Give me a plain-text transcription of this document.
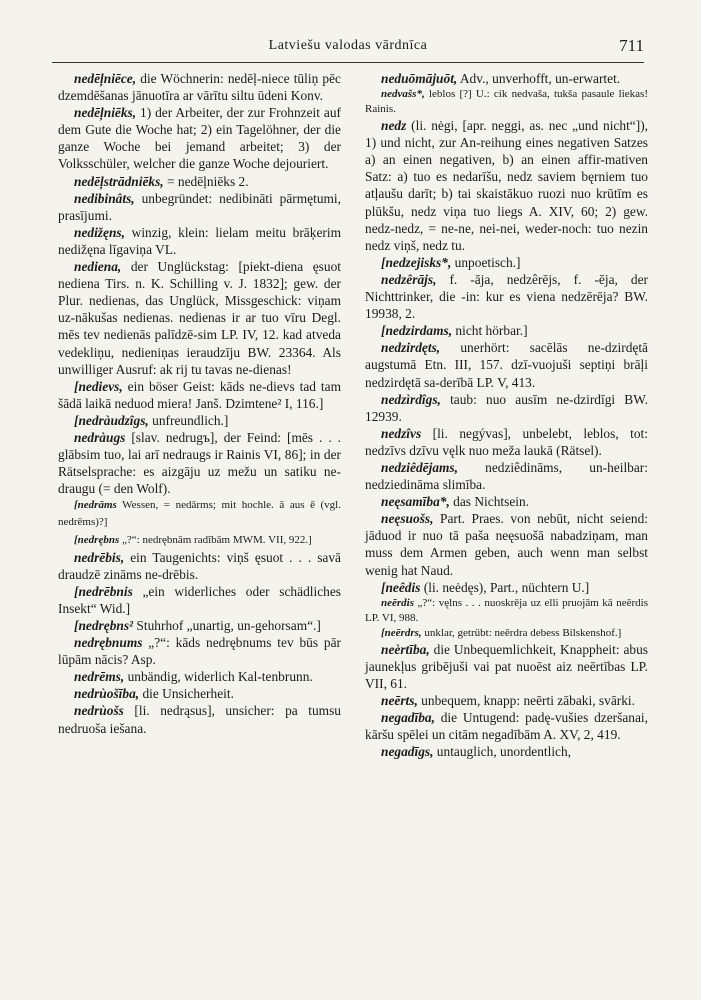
Latviešu valodas vārdnīca	711

nedēļniēce, die Wöchnerin: nedēļ-niece tūliņ pēc dzemdēšanas jānuotīra ar vārītu siltu ūdeni Konv.

nedēļniēks, 1) der Arbeiter, der zur Frohnzeit auf dem Gute die Woche hat; 2) ein Tagelöhner, der die ganze Woche bei jemand arbeitet; 3) der Volksschüler, welcher die ganze Woche dejouriert.

nedēļstrādniēks, = nedēļniēks 2.

nedibinâts, unbegründet: nedibināti pārmętumi, prasījumi.

nedižęns, winzig, klein: lielam meitu brāķerim nedižęna līgaviņa VL.

nediena, der Unglückstag: [piekt-diena ęsuot nediena Tirs. n. K. Schilling v. J. 1832]; gew. der Plur. nedienas, das Unglück, Missgeschick: viņam uz-nākušas nedienas. nedienas ir ar tuo vīru Degl. mēs tev nedienās palīdzē-sim LP. IV, 12. kad atveda vedekliņu, nedieniņas ieraudzīju BW. 23364. Als unwilliger Ausruf: ak rij tu tavas ne-dienas!

[nedievs, ein böser Geist: kāds ne-dievs tad tam šādā laikā neduod miera! Janš. Dzimtene² I, 116.]

[nedràudzîgs, unfreundlich.]

nedràugs [slav. nedrugъ], der Feind: [mēs . . . glābsim tuo, lai arī nedraugs ir Rainis VI, 86]; in der Rätselsprache: es aizgāju uz mežu un satiku ne-draugu (= den Wolf).

[nedrāms Wessen, = nedārms; mit hochle. ā aus ē (vgl. nedrēms)?]

[nedrębns „?“: nedrębnām radībām MWM. VII, 922.]

nedrēbis, ein Taugenichts: viņš ęsuot . . . savā draudzē zināms ne-drēbis.

[nedrēbnis „ein widerliches oder schädliches Insekt“ Wid.]

[nedrębns² Stuhrhof „unartig, un-gehorsam“.]

nedrębnums „?“: kāds nedrębnums tev būs pār lūpām nācis? Asp.

nedrēms, unbändig, widerlich Kal-tenbrunn.

nedrùošība, die Unsicherheit.

nedrùošs [li. nedrąsus], unsicher: pa tumsu nedruoša iešana.

neduōmājuōt, Adv., unverhofft, un-erwartet.

nedvašs*, leblos [?] U.: cik nedvaša, tukša pasaule liekas! Rainis.

nedz (li. nėgi, [apr. neggi, as. nec „und nicht“]), 1) und nicht, zur An-reihung eines negativen Satzes a) an einen negativen, b) an einen affir-mativen Satz: a) tuo es nedarīšu, nedz saviem bęrniem tuo atļaušu darīt; b) tai skaistākuo ruozi nuo krūtīm es plūkšu, nedz viņa tuo liegs A. XIV, 60; 2) gew. nedz-nedz, = ne-ne, nei-nei, weder-noch: tuo nezin nedz viņš, nedz tu.

[nedzejisks*, unpoetisch.]

nedzêrājs, f. -āja, nedzêrējs, f. -ēja, der Nichttrinker, die -in: kur es viena nedzērēja? BW. 19938, 2.

[nedzirdams, nicht hörbar.]

nedzirdęts, unerhört: sacēlās ne-dzirdętā augstumā Etn. III, 157. dzī-vuojuši septiņi brāļi nedzirdętā sa-derībā LP. V, 413.

nedzìrdîgs, taub: nuo ausīm ne-dzirdīgi BW. 12939.

nedzîvs [li. negývas], unbelebt, leblos, tot: nedzīvs dzīvu vęlk nuo meža laukā (Rätsel).

nedziêdējams, nedziêdināms, un-heilbar: nedziedināma slimība.

neęsamība*, das Nichtsein.

neęsuošs, Part. Praes. von nebūt, nicht seiend: jāduod ir nuo tā paša neęsuošā nabadziņam, man muss dem Armen geben, auch wenn man selbst wenig hat Naud.

[neêdis (li. neėdęs), Part., nüchtern U.]

neērdis „?“: vęlns . . . nuoskrēja uz elli pruojām kā neērdis LP. VI, 988.

[neērdrs, unklar, getrübt: neērdra debess Bilskenshof.]

neèrtība, die Unbequemlichkeit, Knappheit: abus jaunekļus gribējuši vai pat nuoēst aiz neērtības LP. VII, 61.

neērts, unbequem, knapp: neērti zābaki, svārki.

negadība, die Untugend: padę-vušies dzeršanai, kāršu spēlei un citām negadībām A. XV, 2, 419.

negadīgs, untauglich, unordentlich,
